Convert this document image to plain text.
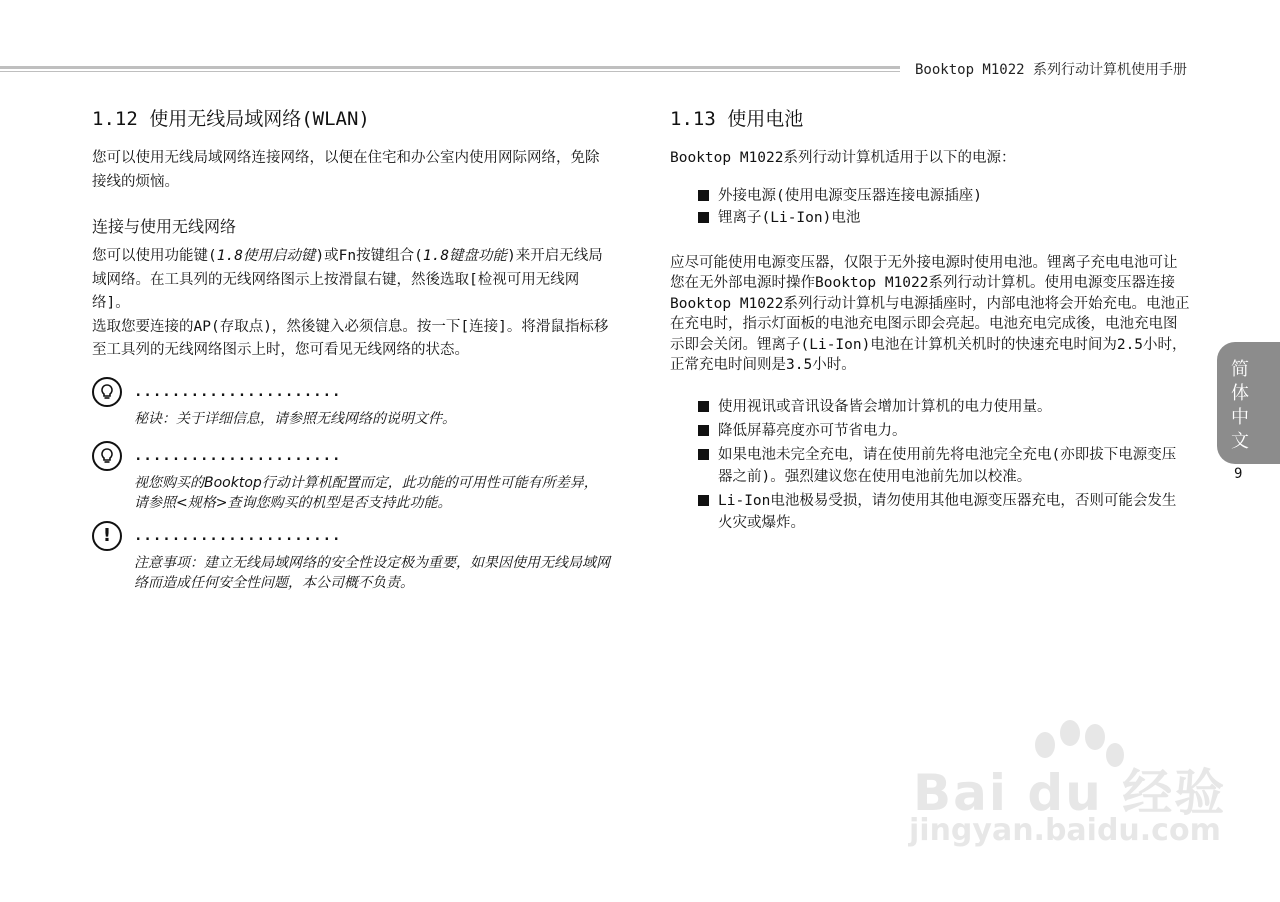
Booktop M1022 系列行动计算机使用手册
1.12 使用无线局域网络(WLAN)

您可以使用无线局域网络连接网络，以便在住宅和办公室内使用网际网络，免除接线的烦恼。

连接与使用无线网络

您可以使用功能键(1.8使用启动键)或Fn按键组合(1.8键盘功能)来开启无线局域网络。在工具列的无线网络图示上按滑鼠右键，然後选取[检视可用无线网络]。

选取您要连接的AP(存取点)，然後键入必须信息。按一下[连接]。将滑鼠指标移至工具列的无线网络图示上时，您可看见无线网络的状态。

......................
秘诀：关于详细信息，请参照无线网络的说明文件。
......................
视您购买的Booktop行动计算机配置而定，此功能的可用性可能有所差异，请参照<规格>查询您购买的机型是否支持此功能。
!	......................
注意事项：建立无线局域网络的安全性设定极为重要，如果因使用无线局域网络而造成任何安全性问题，本公司概不负责。
1.13 使用电池

Booktop M1022系列行动计算机适用于以下的电源：

外接电源(使用电源变压器连接电源插座)
锂离子(Li-Ion)电池

应尽可能使用电源变压器，仅限于无外接电源时使用电池。锂离子充电电池可让您在无外部电源时操作Booktop M1022系列行动计算机。使用电源变压器连接Booktop M1022系列行动计算机与电源插座时，内部电池将会开始充电。电池正在充电时，指示灯面板的电池充电图示即会亮起。电池充电完成後，电池充电图示即会关闭。锂离子(Li-Ion)电池在计算机关机时的快速充电时间为2.5小时，正常充电时间则是3.5小时。

使用视讯或音讯设备皆会增加计算机的电力使用量。
降低屏幕亮度亦可节省电力。
如果电池未完全充电，请在使用前先将电池完全充电(亦即拔下电源变压器之前)。强烈建议您在使用电池前先加以校准。
Li-Ion电池极易受损，请勿使用其他电源变压器充电，否则可能会发生火灾或爆炸。
简体中文
9
Bai du 经验
jingyan.baidu.com
